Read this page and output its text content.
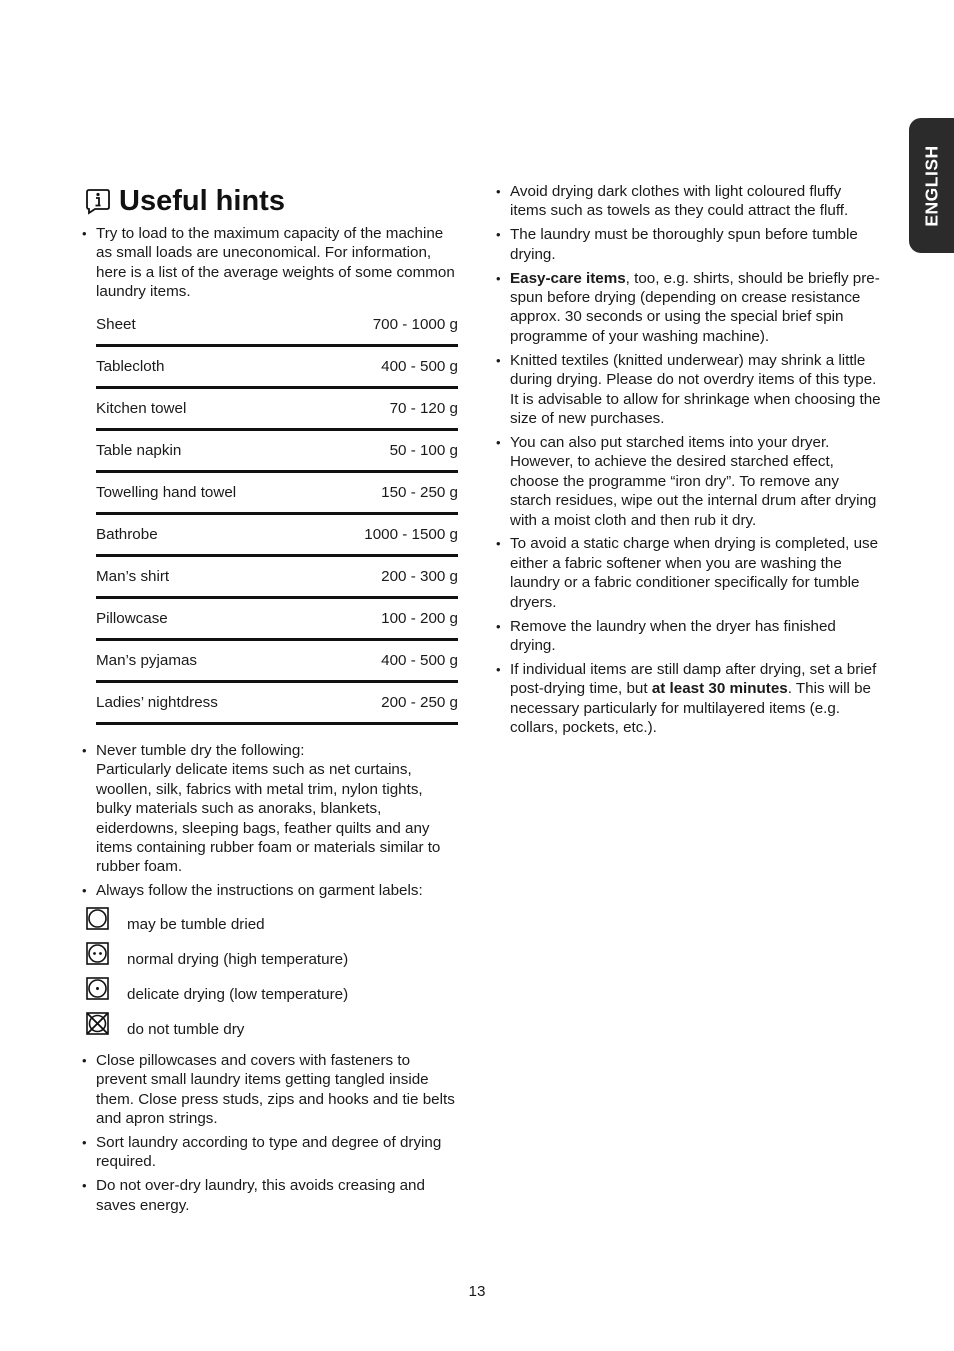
ENGLISH
Useful hints
• Try to load to the maximum capacity of the machine as small loads are uneconomical. For information, here is a list of the average weights of some common laundry items.
Sheet	700 - 1000 g
Tablecloth	400 - 500 g
Kitchen towel	70 - 120 g
Table napkin	50 - 100 g
Towelling hand towel	150 - 250 g
Bathrobe	1000 - 1500 g
Man’s shirt	200 - 300 g
Pillowcase	100 - 200 g
Man’s pyjamas	400 - 500 g
Ladies’ nightdress	200 - 250 g
• Never tumble dry the following:
Particularly delicate items such as net curtains, woollen, silk, fabrics with metal trim, nylon tights, bulky materials such as anoraks, blankets, eiderdowns, sleeping bags, feather quilts and any items containing rubber foam or materials similar to rubber foam.
• Always follow the instructions on garment labels:
may be tumble dried
normal drying (high temperature)
delicate drying (low temperature)
do not tumble dry
• Close pillowcases and covers with fasteners to prevent small laundry items getting tangled inside them. Close press studs, zips and hooks and tie belts and apron strings.
• Sort laundry according to type and degree of drying required.
• Do not over-dry laundry, this avoids creasing and saves energy.
• Avoid drying dark clothes with light coloured fluffy items such as towels as they could attract the fluff.
• The laundry must be thoroughly spun before tumble drying.
• Easy-care items, too, e.g. shirts, should be briefly pre-spun before drying (depending on crease resistance approx. 30 seconds or using the special brief spin programme of your washing machine).
• Knitted textiles (knitted underwear) may shrink a little during drying. Please do not overdry items of this type. It is advisable to allow for shrinkage when choosing the size of new purchases.
• You can also put starched items into your dryer. However, to achieve the desired starched effect, choose the programme “iron dry”. To remove any starch residues, wipe out the internal drum after drying with a moist cloth and then rub it dry.
• To avoid a static charge when drying is completed, use either a fabric softener when you are washing the laundry or a fabric conditioner specifically for tumble dryers.
• Remove the laundry when the dryer has finished drying.
• If individual items are still damp after drying, set a brief post-drying time, but at least 30 minutes. This will be necessary particularly for multilayered items (e.g. collars, pockets, etc.).
13
